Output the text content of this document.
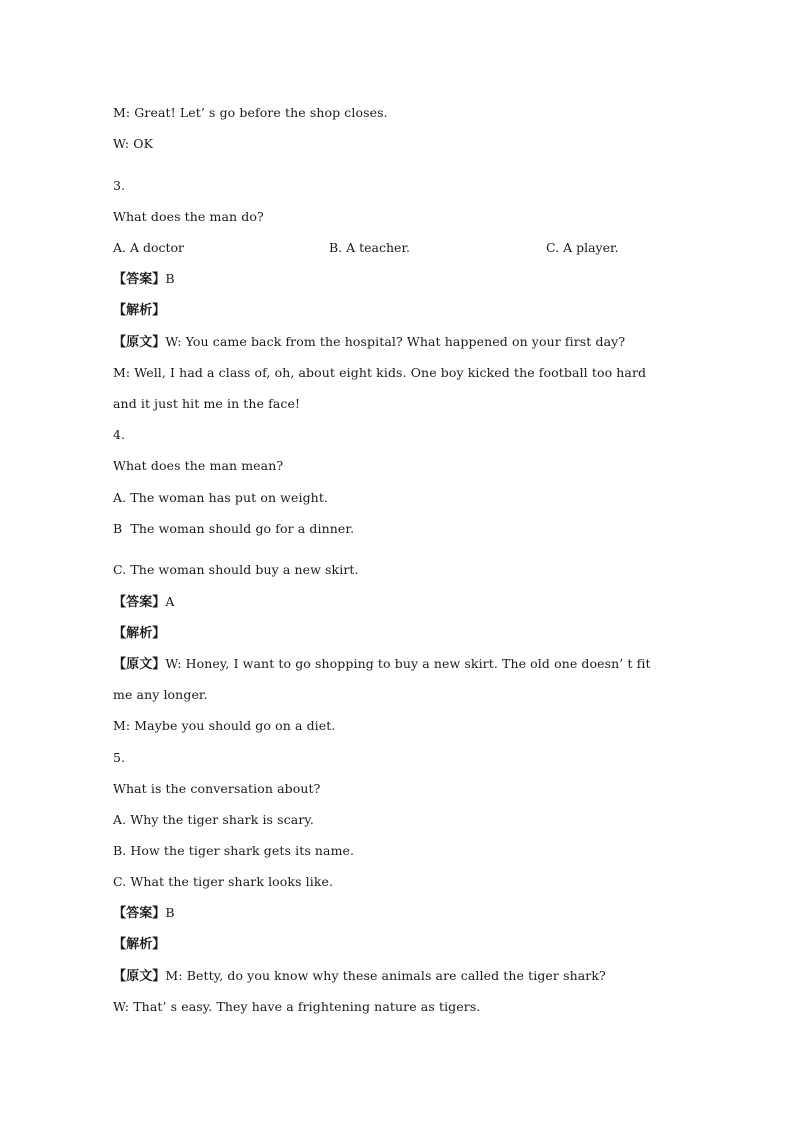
M: Great! Let’ s go before the shop closes.
W: OK
3.
What does the man do?
A. A doctor	B. A teacher.	C. A player.
【答案】B
【解析】
【原文】W: You came back from the hospital? What happened on your first day?
M: Well, I had a class of, oh, about eight kids. One boy kicked the football too hard
and it just hit me in the face!
4.
What does the man mean?
A. The woman has put on weight.
B  The woman should go for a dinner.
C. The woman should buy a new skirt.
【答案】A
【解析】
【原文】W: Honey, I want to go shopping to buy a new skirt. The old one doesn’ t fit
me any longer.
M: Maybe you should go on a diet.
5.
What is the conversation about?
A. Why the tiger shark is scary.
B. How the tiger shark gets its name.
C. What the tiger shark looks like.
【答案】B
【解析】
【原文】M: Betty, do you know why these animals are called the tiger shark?
W: That’ s easy. They have a frightening nature as tigers.
